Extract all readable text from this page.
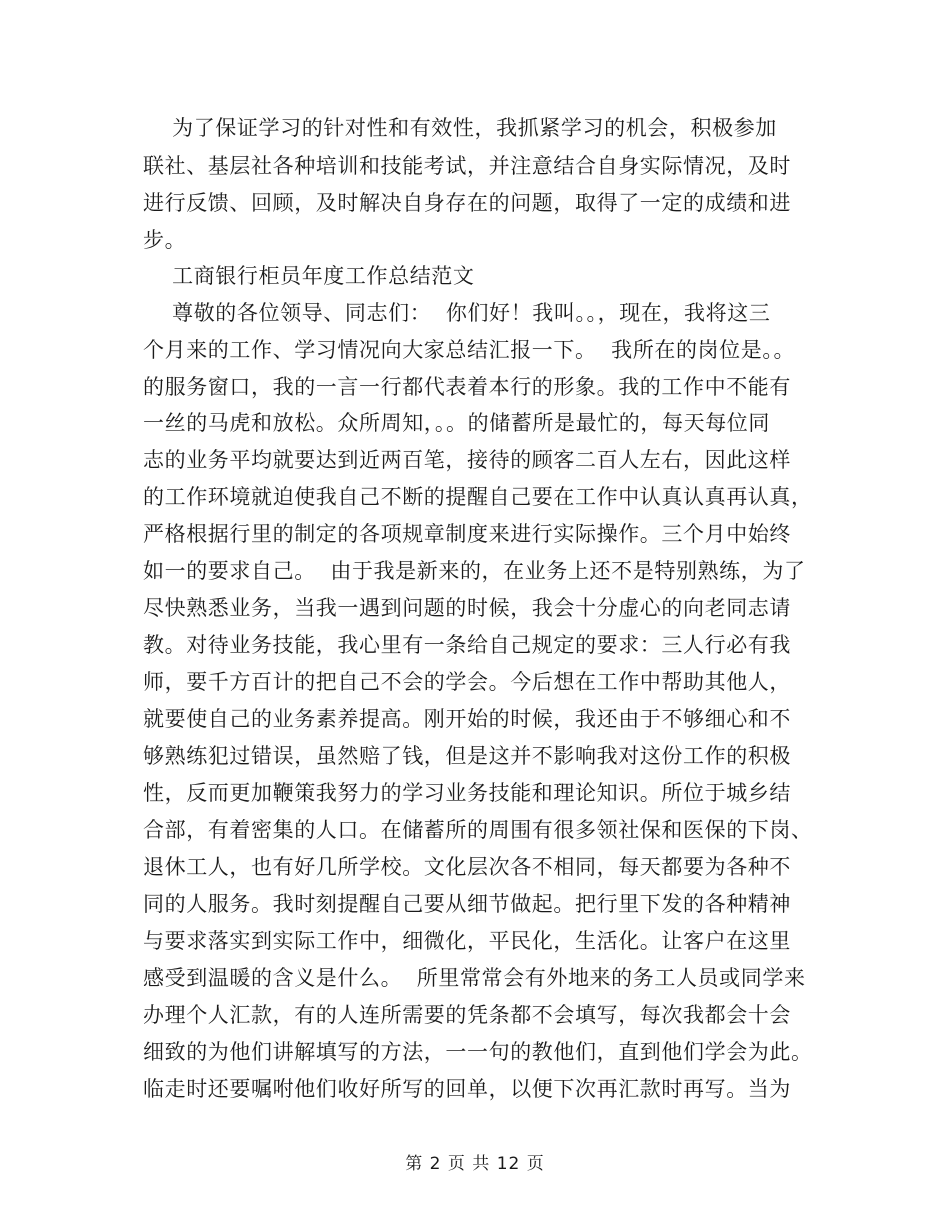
为了保证学习的针对性和有效性，我抓紧学习的机会，积极参加
联社、基层社各种培训和技能考试，并注意结合自身实际情况，及时
进行反馈、回顾，及时解决自身存在的问题，取得了一定的成绩和进
步。
工商银行柜员年度工作总结范文
尊敬的各位领导、同志们：  你们好！我叫。。，现在，我将这三
个月来的工作、学习情况向大家总结汇报一下。  我所在的岗位是。。
的服务窗口，我的一言一行都代表着本行的形象。我的工作中不能有
一丝的马虎和放松。众所周知，。。的储蓄所是最忙的，每天每位同
志的业务平均就要达到近两百笔，接待的顾客二百人左右，因此这样
的工作环境就迫使我自己不断的提醒自己要在工作中认真认真再认真，
严格根据行里的制定的各项规章制度来进行实际操作。三个月中始终
如一的要求自己。  由于我是新来的，在业务上还不是特别熟练，为了
尽快熟悉业务，当我一遇到问题的时候，我会十分虚心的向老同志请
教。对待业务技能，我心里有一条给自己规定的要求：三人行必有我
师，要千方百计的把自己不会的学会。今后想在工作中帮助其他人，
就要使自己的业务素养提高。刚开始的时候，我还由于不够细心和不
够熟练犯过错误，虽然赔了钱，但是这并不影响我对这份工作的积极
性，反而更加鞭策我努力的学习业务技能和理论知识。所位于城乡结
合部，有着密集的人口。在储蓄所的周围有很多领社保和医保的下岗、
退休工人，也有好几所学校。文化层次各不相同，每天都要为各种不
同的人服务。我时刻提醒自己要从细节做起。把行里下发的各种精神
与要求落实到实际工作中，细微化，平民化，生活化。让客户在这里
感受到温暖的含义是什么。  所里常常会有外地来的务工人员或同学来
办理个人汇款，有的人连所需要的凭条都不会填写，每次我都会十会
细致的为他们讲解填写的方法，一一句的教他们，直到他们学会为此。
临走时还要嘱咐他们收好所写的回单，以便下次再汇款时再写。当为
第 2 页 共 12 页
